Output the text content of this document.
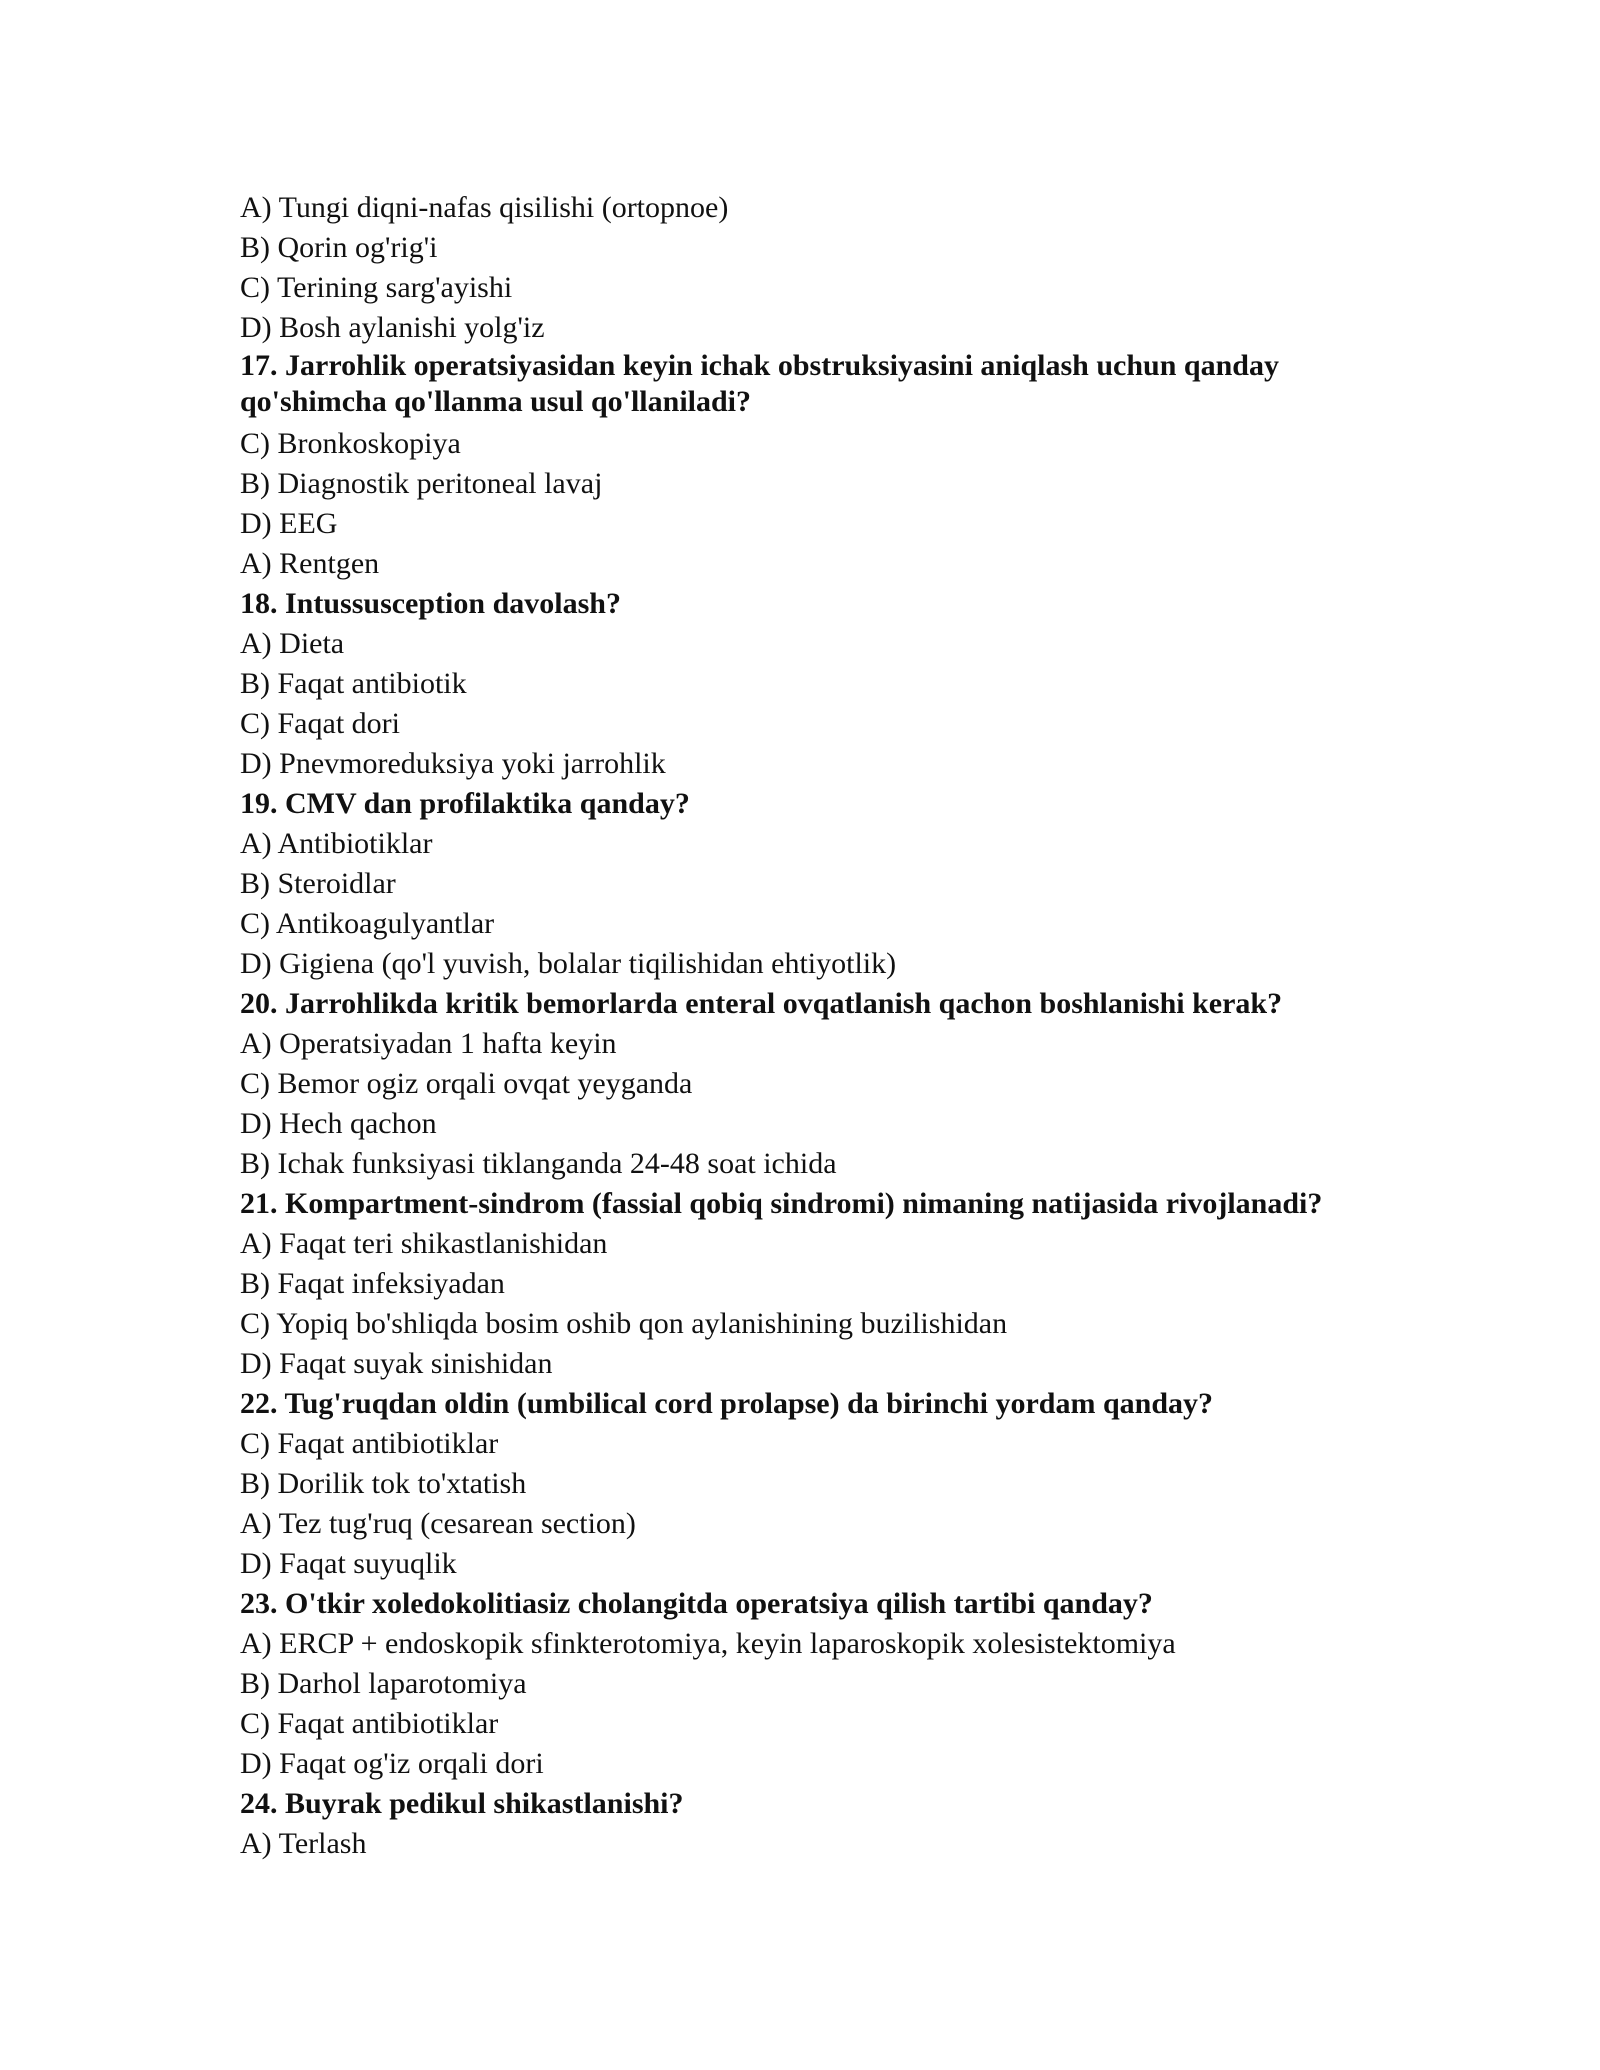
A) Tungi diqni-nafas qisilishi (ortopnoe)
B) Qorin og'rig'i
C) Terining sarg'ayishi
D) Bosh aylanishi yolg'iz
17. Jarrohlik operatsiyasidan keyin ichak obstruksiyasini aniqlash uchun qanday qo'shimcha qo'llanma usul qo'llaniladi?
C) Bronkoskopiya
B) Diagnostik peritoneal lavaj
D) EEG
A) Rentgen
18. Intussusception davolash?
A) Dieta
B) Faqat antibiotik
C) Faqat dori
D) Pnevmoreduksiya yoki jarrohlik
19. CMV dan profilaktika qanday?
A) Antibiotiklar
B) Steroidlar
C) Antikoagulyantlar
D) Gigiena (qo'l yuvish, bolalar tiqilishidan ehtiyotlik)
20. Jarrohlikda kritik bemorlarda enteral ovqatlanish qachon boshlanishi kerak?
A) Operatsiyadan 1 hafta keyin
C) Bemor ogiz orqali ovqat yeyganda
D) Hech qachon
B) Ichak funksiyasi tiklanganda 24-48 soat ichida
21. Kompartment-sindrom (fassial qobiq sindromi) nimaning natijasida rivojlanadi?
A) Faqat teri shikastlanishidan
B) Faqat infeksiyadan
C) Yopiq bo'shliqda bosim oshib qon aylanishining buzilishidan
D) Faqat suyak sinishidan
22. Tug'ruqdan oldin (umbilical cord prolapse) da birinchi yordam qanday?
C) Faqat antibiotiklar
B) Dorilik tok to'xtatish
A) Tez tug'ruq (cesarean section)
D) Faqat suyuqlik
23. O'tkir xoledokolitiasiz cholangitda operatsiya qilish tartibi qanday?
A) ERCP + endoskopik sfinkterotomiya, keyin laparoskopik xolesistektomiya
B) Darhol laparotomiya
C) Faqat antibiotiklar
D) Faqat og'iz orqali dori
24. Buyrak pedikul shikastlanishi?
A) Terlash
